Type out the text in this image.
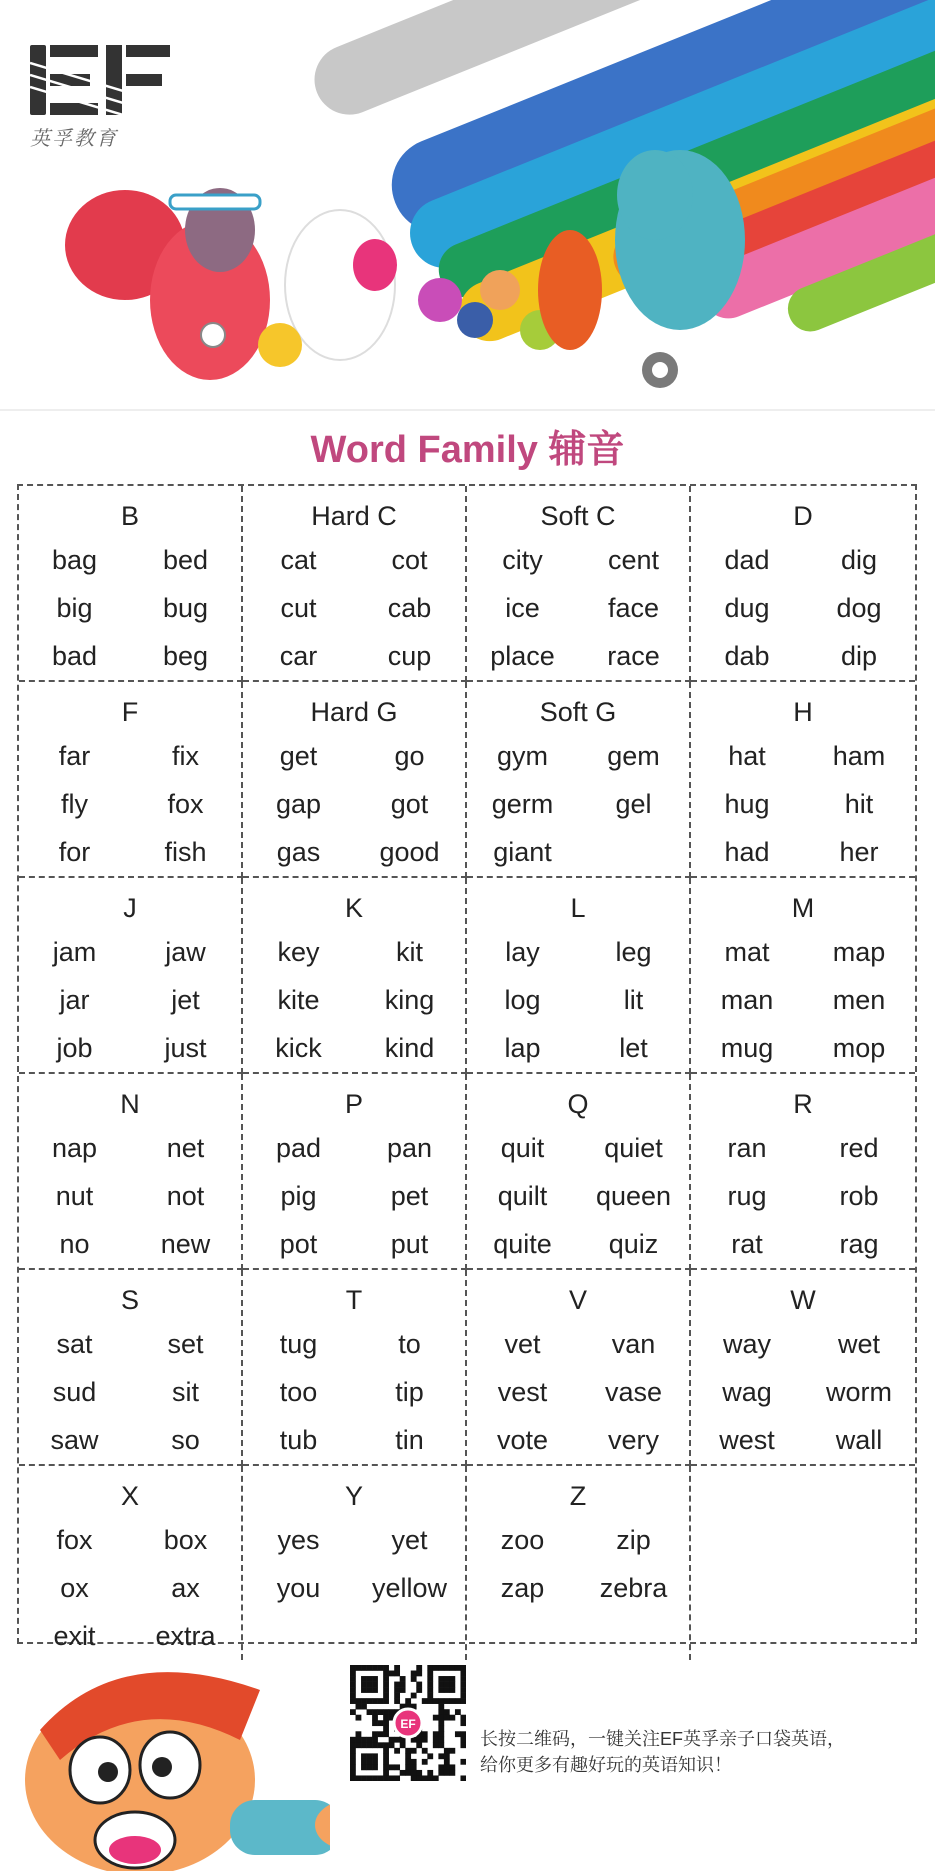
英孚教育
Word Family 辅音
B
bag	bed
big	bug
bad	beg
Hard C
cat	cot
cut	cab
car	cup
Soft C
city	cent
ice	face
place	race
D
dad	dig
dug	dog
dab	dip
F
far	fix
fly	fox
for	fish
Hard G
get	go
gap	got
gas	good
Soft G
gym	gem
germ	gel
giant
H
hat	ham
hug	hit
had	her
J
jam	jaw
jar	jet
job	just
K
key	kit
kite	king
kick	kind
L
lay	leg
log	lit
lap	let
M
mat	map
man	men
mug	mop
N
nap	net
nut	not
no	new
P
pad	pan
pig	pet
pot	put
Q
quit	quiet
quilt	queen
quite	quiz
R
ran	red
rug	rob
rat	rag
S
sat	set
sud	sit
saw	so
T
tug	to
too	tip
tub	tin
V
vet	van
vest	vase
vote	very
W
way	wet
wag	worm
west	wall
X
fox	box
ox	ax
exit	extra
Y
yes	yet
you	yellow
Z
zoo	zip
zap	zebra
EF
长按二维码，一键关注EF英孚亲子口袋英语，
给你更多有趣好玩的英语知识！
